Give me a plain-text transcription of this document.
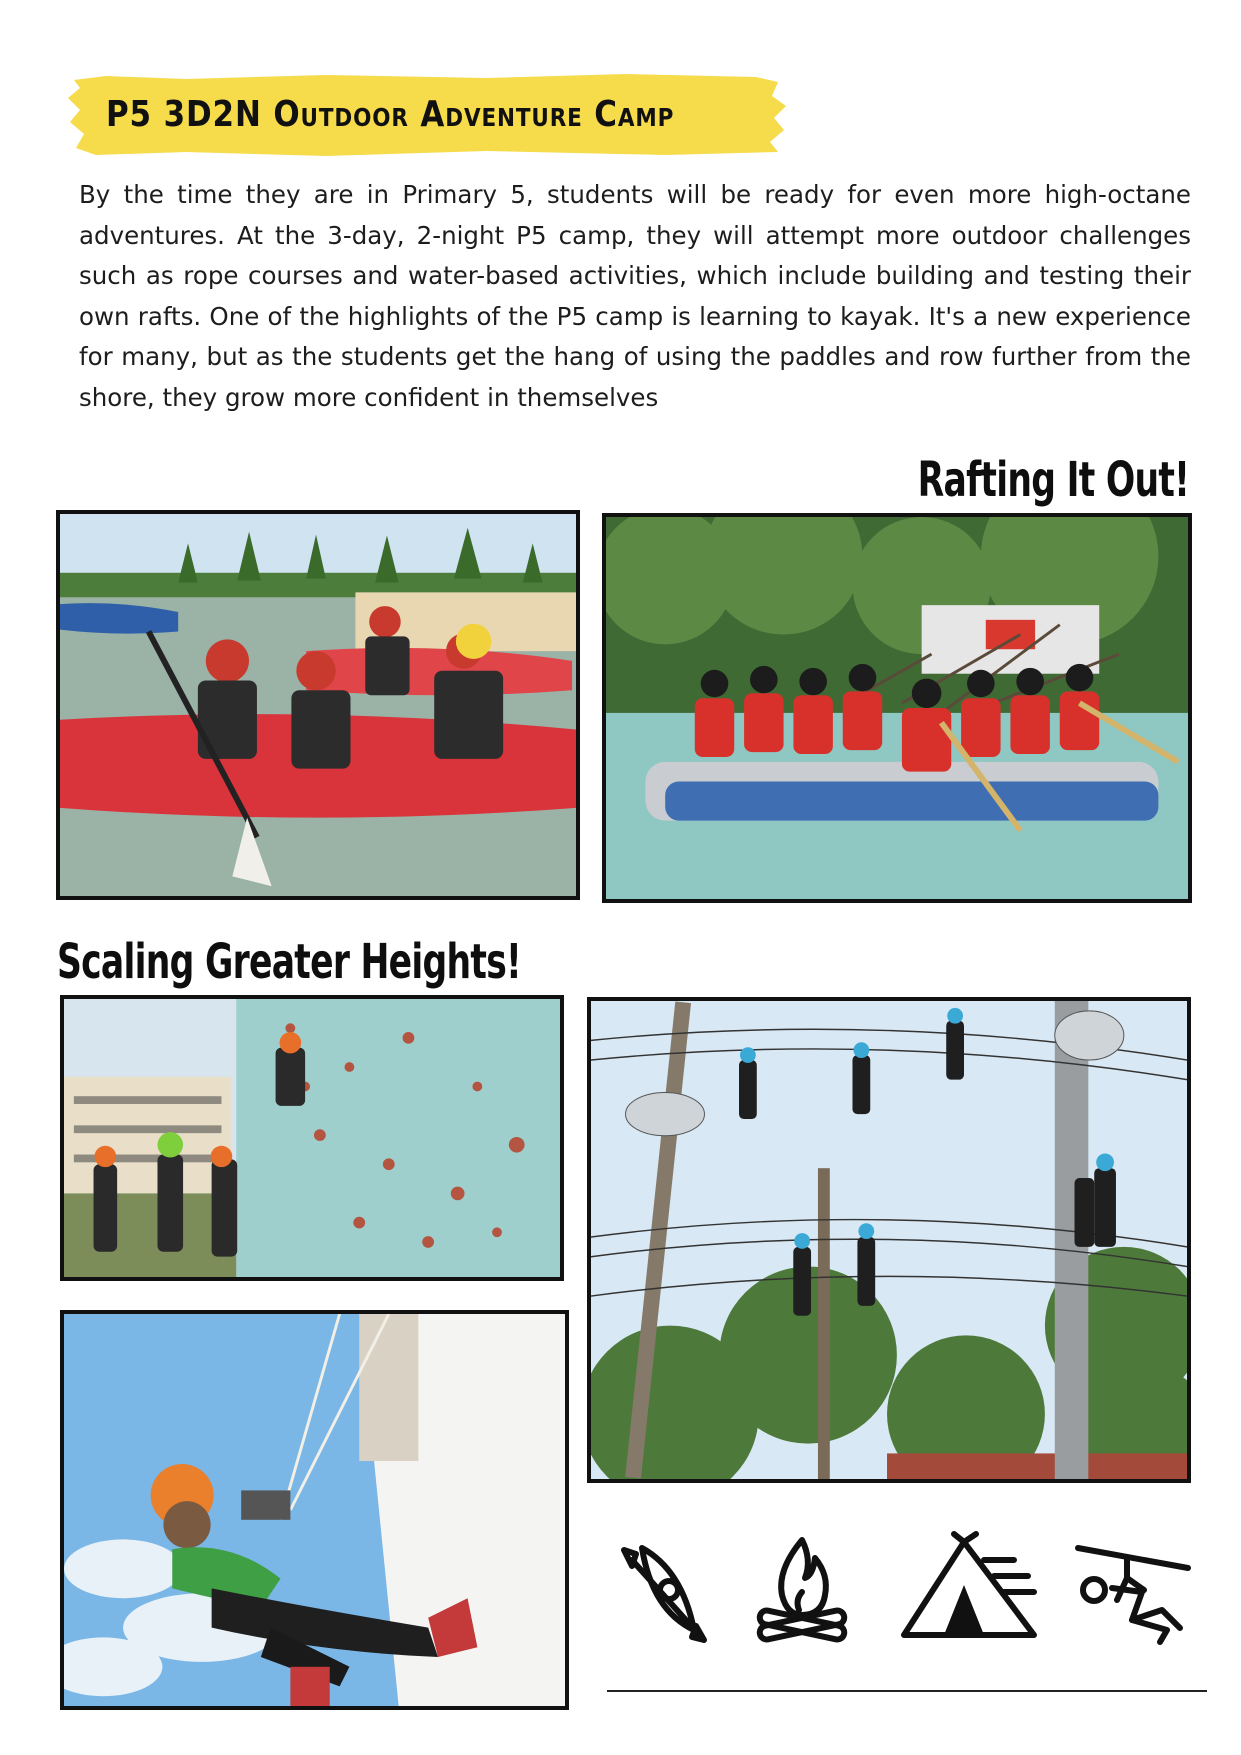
P5 3D2N Outdoor Adventure Camp

By the time they are in Primary 5, students will be ready for even more high-octane adventures. At the 3-day, 2-night P5 camp, they will attempt more outdoor challenges such as rope courses and water-based activities, which include building and testing their own rafts. One of the highlights of the P5 camp is learning to kayak. It's a new experience for many, but as the students get the hang of using the paddles and row further from the shore, they grow more confident in themselves

Rafting It Out!
Scaling Greater Heights!
